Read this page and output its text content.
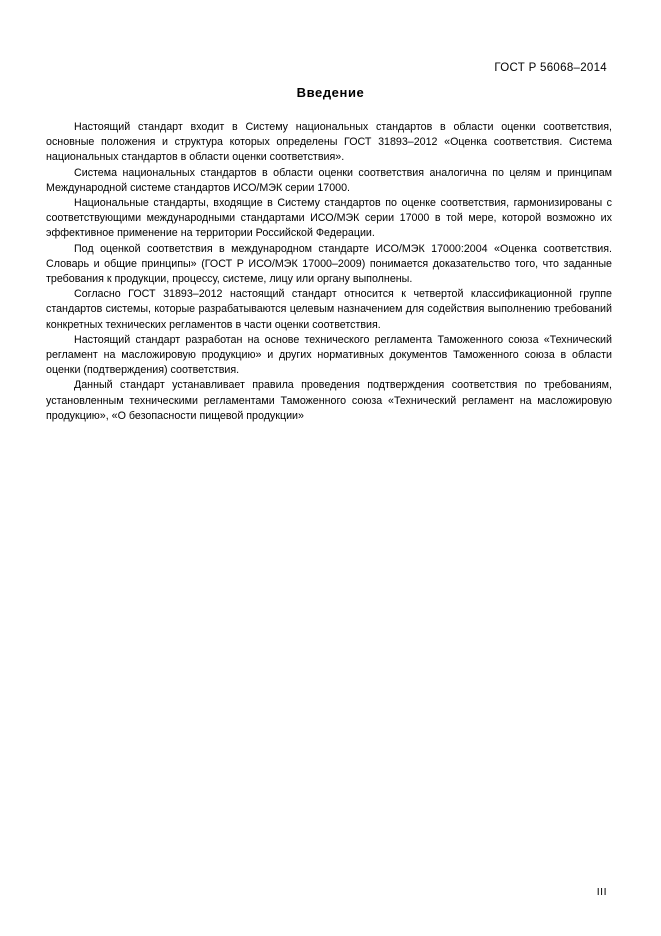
ГОСТ Р 56068–2014
Введение

Настоящий стандарт входит в Систему национальных стандартов в области оценки соответствия, основные положения и структура которых определены ГОСТ 31893–2012 «Оценка соответствия. Система национальных стандартов в области оценки соответствия».

Система национальных стандартов в области оценки соответствия аналогична по целям и принципам Международной системе стандартов ИСО/МЭК серии 17000.

Национальные стандарты, входящие в Систему стандартов по оценке соответствия, гармонизированы с соответствующими международными стандартами ИСО/МЭК серии 17000 в той мере, которой возможно их эффективное применение на территории Российской Федерации.

Под оценкой соответствия в международном стандарте ИСО/МЭК 17000:2004 «Оценка соответствия. Словарь и общие принципы» (ГОСТ Р ИСО/МЭК 17000–2009) понимается доказательство того, что заданные требования к продукции, процессу, системе, лицу или органу выполнены.

Согласно ГОСТ 31893–2012 настоящий стандарт относится к четвертой классификационной группе стандартов системы, которые разрабатываются целевым назначением для содействия выполнению требований конкретных технических регламентов в части оценки соответствия.

Настоящий стандарт разработан на основе технического регламента Таможенного союза «Технический регламент на масложировую продукцию» и других нормативных документов Таможенного союза в области оценки (подтверждения) соответствия.

Данный стандарт устанавливает правила проведения подтверждения соответствия по требованиям, установленным техническими регламентами Таможенного союза «Технический регламент на масложировую продукцию», «О безопасности пищевой продукции»

III
